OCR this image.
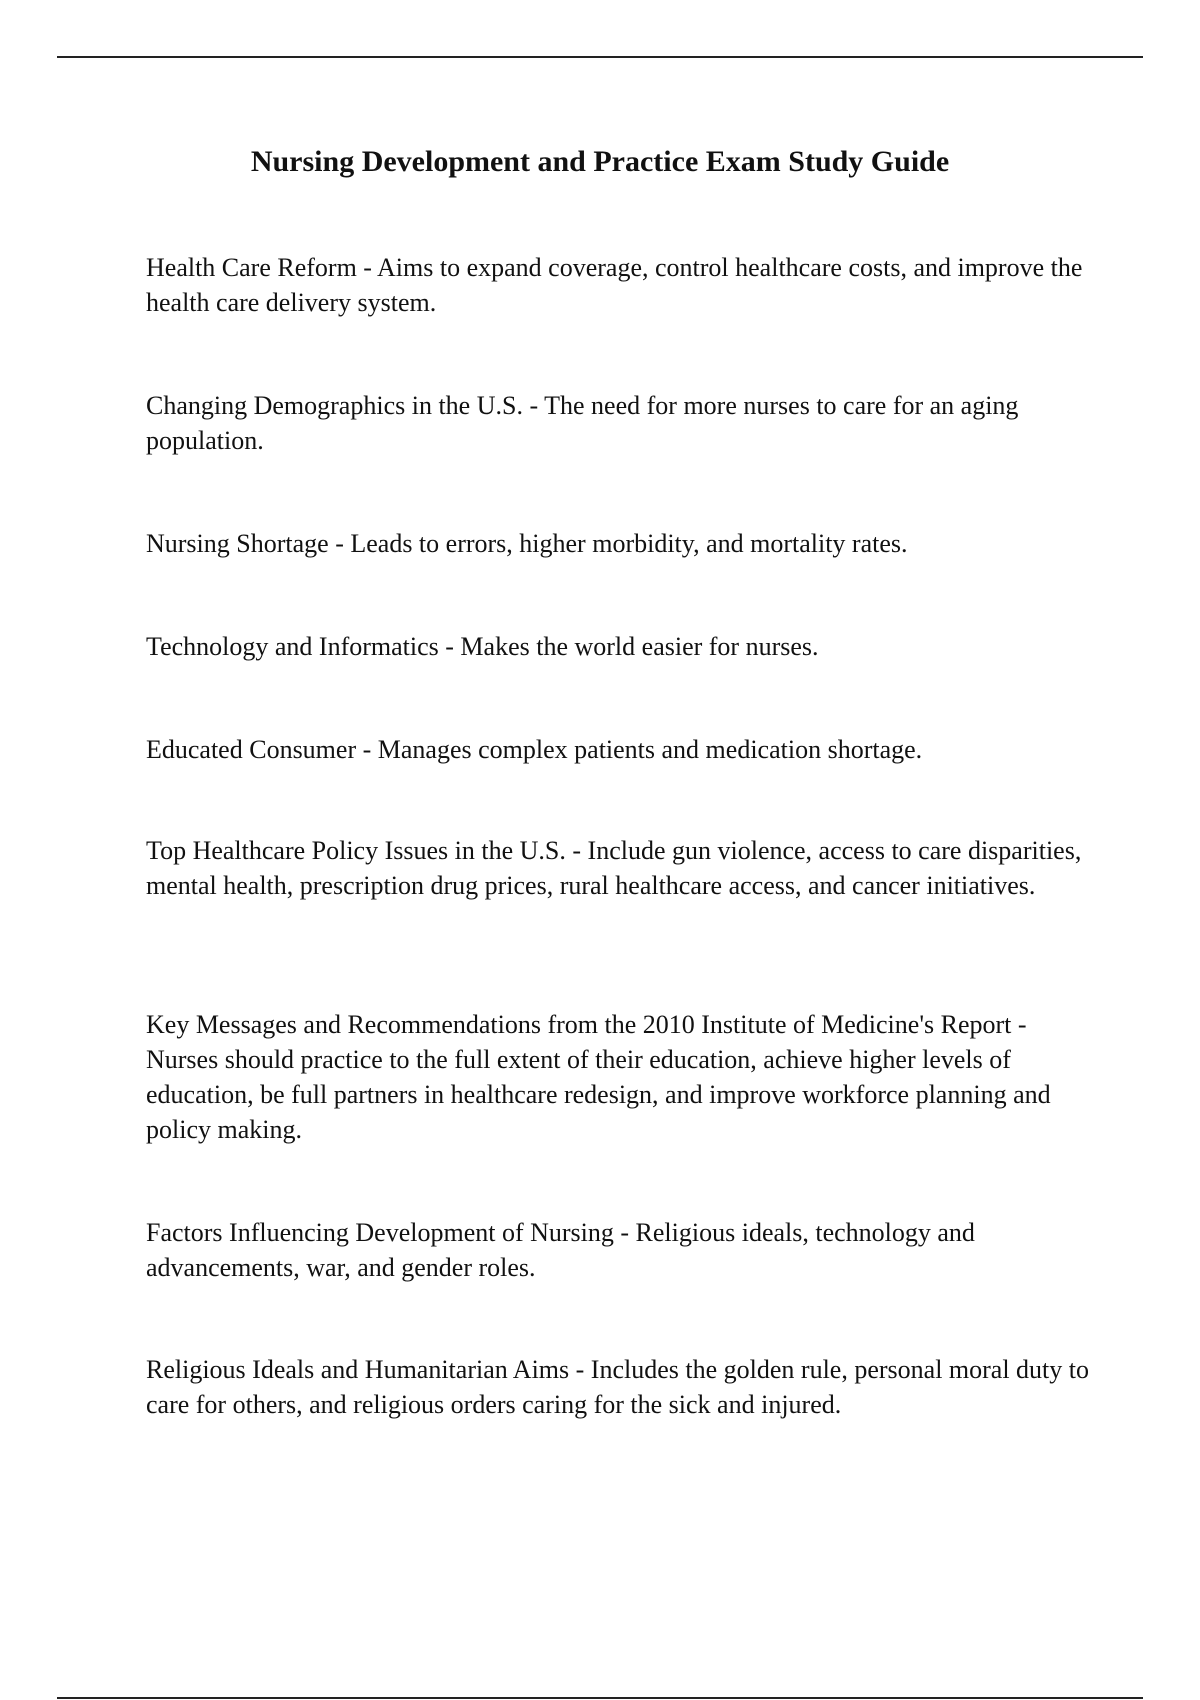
Nursing Development and Practice Exam Study Guide

Health Care Reform - Aims to expand coverage, control healthcare costs, and improve the health care delivery system.

Changing Demographics in the U.S. - The need for more nurses to care for an aging population.

Nursing Shortage - Leads to errors, higher morbidity, and mortality rates.

Technology and Informatics - Makes the world easier for nurses.

Educated Consumer - Manages complex patients and medication shortage.

Top Healthcare Policy Issues in the U.S. - Include gun violence, access to care disparities, mental health, prescription drug prices, rural healthcare access, and cancer initiatives.

Key Messages and Recommendations from the 2010 Institute of Medicine's Report - Nurses should practice to the full extent of their education, achieve higher levels of education, be full partners in healthcare redesign, and improve workforce planning and policy making.

Factors Influencing Development of Nursing - Religious ideals, technology and advancements, war, and gender roles.

Religious Ideals and Humanitarian Aims - Includes the golden rule, personal moral duty to care for others, and religious orders caring for the sick and injured.
